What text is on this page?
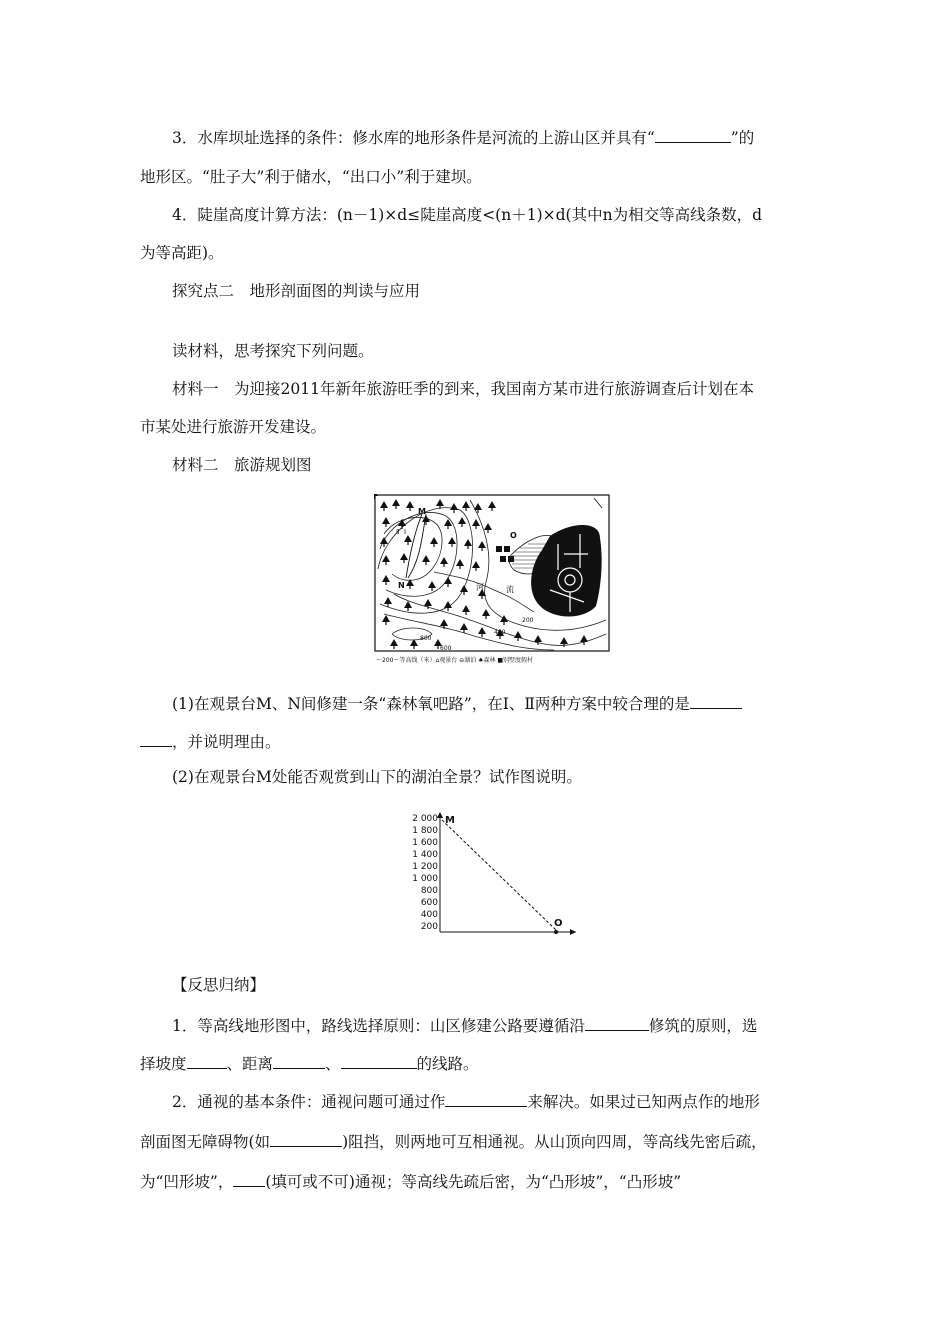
3．水库坝址选择的条件：修水库的地形条件是河流的上游山区并具有“	”的
地形区。“肚子大”利于储水，“出口小”利于建坝。
4．陡崖高度计算方法：(n－1)×d≤陡崖高度<(n＋1)×d(其中n为相交等高线条数，d
为等高距)。
探究点二　地形剖面图的判读与应用
读材料，思考探究下列问题。
材料一　为迎接2011年新年旅游旺季的到来，我国南方某市进行旅游调查后计划在本
市某处进行旅游开发建设。
材料二　旅游规划图
M
N
O
Ⅰ
Ⅱ
河	流
200
400
600
800
～200～等高线（米）⌂观景台 ⊖湖泊 ♠森林 ■别墅度假村
(1)在观景台M、N间修建一条“森林氧吧路”，在Ⅰ、Ⅱ两种方案中较合理的是
，并说明理由。
(2)在观景台M处能否观赏到山下的湖泊全景？试作图说明。
2 000
1 800
1 600
1 400
1 200
1 000
800
600
400
200
M
O
【反思归纳】
1．等高线地形图中，路线选择原则：山区修建公路要遵循沿	修筑的原则，选
择坡度	、距离	、	的线路。
2．通视的基本条件：通视问题可通过作	来解决。如果过已知两点作的地形
剖面图无障碍物(如	)阻挡，则两地可互相通视。从山顶向四周，等高线先密后疏，
为“凹形坡”， (填可或不可)通视；等高线先疏后密，为“凸形坡”，“凸形坡”
